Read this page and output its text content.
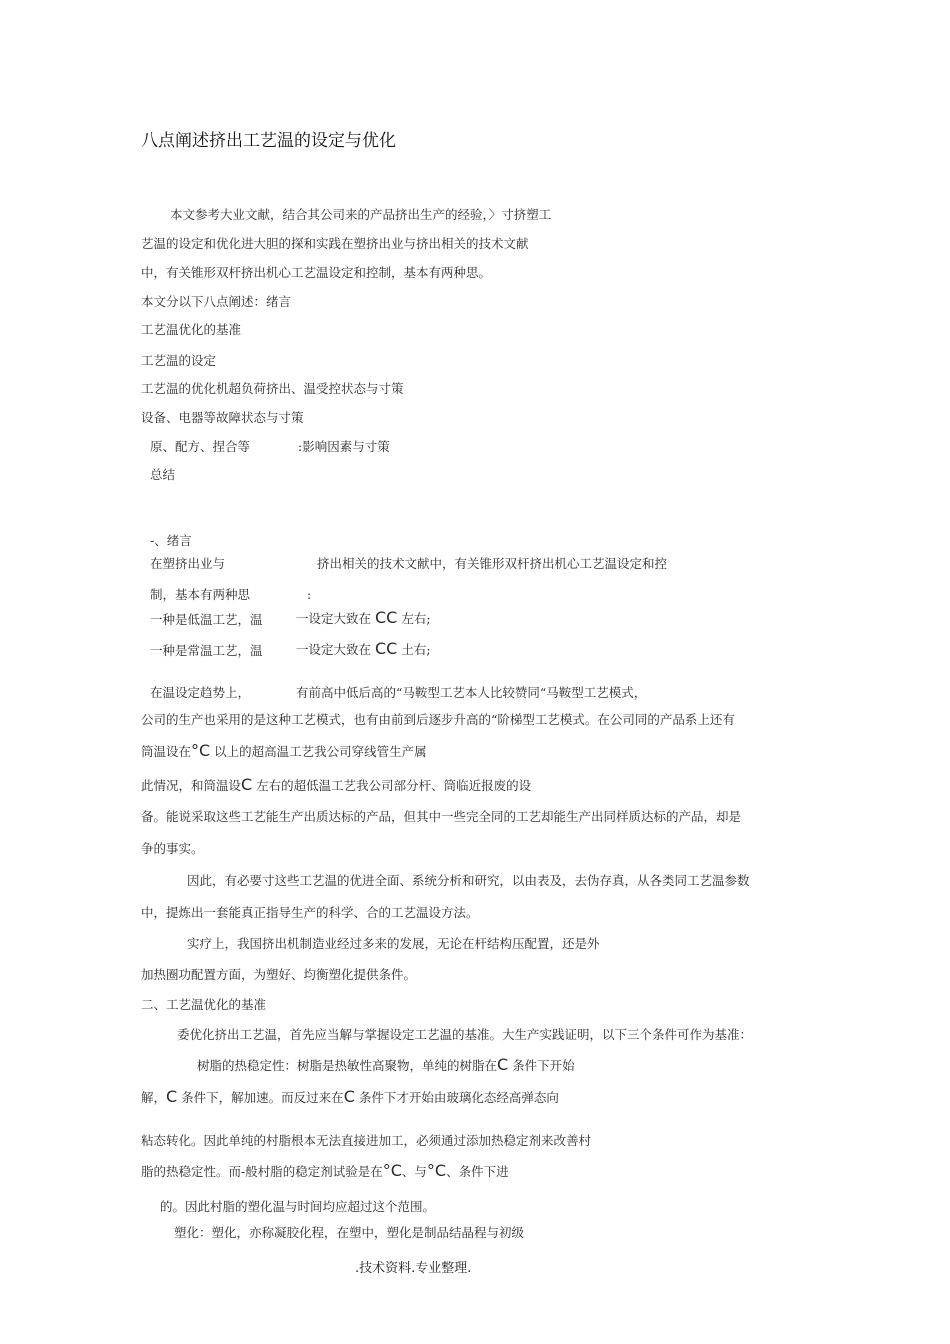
八点阐述挤出工艺温的设定与优化
本文参考大业文献，结合其公司来的产品挤出生产的经验，〉寸挤塑工
艺温的设定和优化进大胆的探和实践在塑挤出业与挤出相关的技术文献
中，有关锥形双杆挤出机心工艺温设定和控制，基本有两种思。
本文分以下八点阐述：绪言
工艺温优化的基准
工艺温的设定
工艺温的优化机超负荷挤出、温受控状态与寸策
设备、电器等故障状态与寸策
原、配方、捏合等	:影响因素与寸策
总结
-、绪言
在塑挤出业与	挤出相关的技术文献中，有关锥形双杆挤出机心工艺温设定和控
制，基本有两种思	:
一种是低温工艺，温	一设定大致在 CC 左右;
一种是常温工艺，温	一设定大致在 CC 土右;
在温设定趋势上，	有前高中低后高的“马鞍型工艺本人比较赞同“马鞍型工艺模式，
公司的生产也采用的是这种工艺模式，也有由前到后逐步升高的“阶梯型工艺模式。在公司同的产品系上还有
筒温设在°C 以上的超高温工艺我公司穿线管生产属
此情况，和筒温设C 左右的超低温工艺我公司部分杆、筒临近报废的设
备。能说采取这些工艺能生产出质达标的产品，但其中一些完全同的工艺却能生产出同样质达标的产品，却是
争的事实。
因此，有必要寸这些工艺温的优进全面、系统分析和研究，以由表及，去伪存真，从各类同工艺温参数
中，提炼出一套能真正指导生产的科学、合的工艺温设方法。
实疗上，我国挤出机制造业经过多来的发展，无论在杆结构压配置，还是外
加热圈功配置方面，为塑好、均衡塑化提供条件。
二、工艺温优化的基准
委优化挤出工艺温，首先应当解与掌握设定工艺温的基准。大生产实践证明，以下三个条件可作为基准：
树脂的热稳定性：树脂是热敏性高聚物，单纯的树脂在C 条件下开始
解，C 条件下，解加速。而反过来在C 条件下才开始由玻璃化态经高弹态向
粘态转化。因此单纯的村脂根本无法直接进加工，必须通过添加热稳定剂来改善村
脂的热稳定性。而-般村脂的稳定剂试验是在°C、与°C、条件下进
的。因此村脂的塑化温与时间均应超过这个范围。
塑化：塑化，亦称凝胶化程，在塑中，塑化是制品结晶程与初级
.技术资料.专业整理.
